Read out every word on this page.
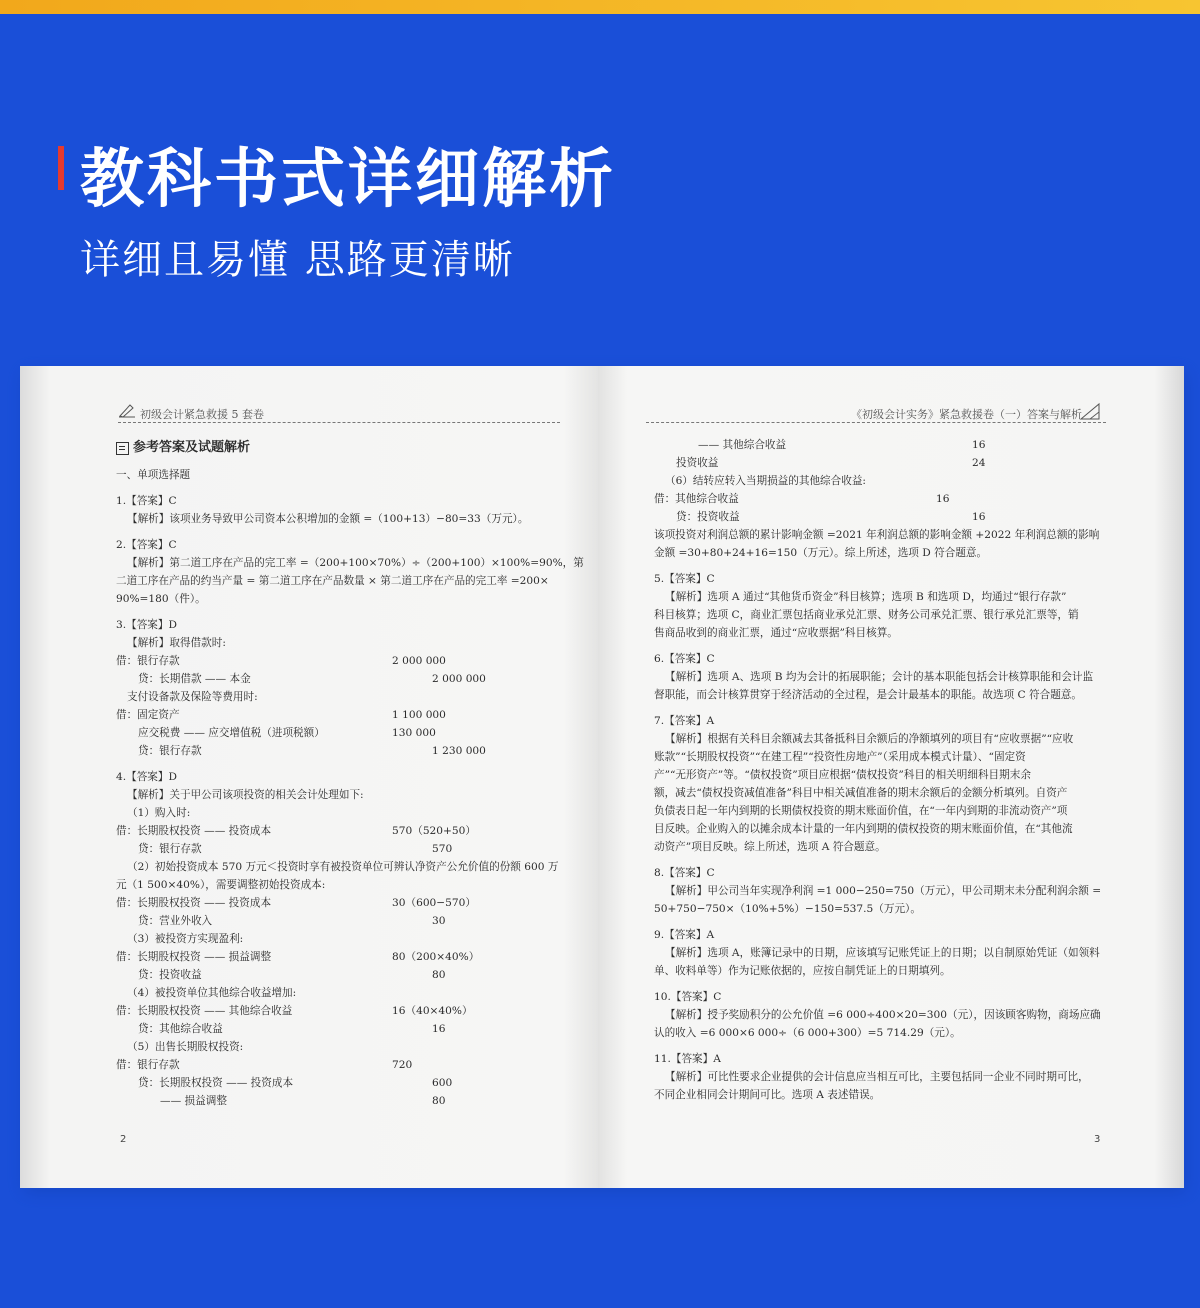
教科书式详细解析
详细且易懂 思路更清晰
初级会计紧急救援 5 套卷
参考答案及试题解析
一、单项选择题
1.【答案】C
【解析】该项业务导致甲公司资本公积增加的金额 =（100+13）−80=33（万元）。
2.【答案】C
【解析】第二道工序在产品的完工率 =（200+100×70%）÷（200+100）×100%=90%，第
二道工序在产品的约当产量 = 第二道工序在产品数量 × 第二道工序在产品的完工率 =200×
90%=180（件）。
3.【答案】D
【解析】取得借款时:
借：银行存款	2 000 000
贷：长期借款 —— 本金	2 000 000
支付设备款及保险等费用时:
借：固定资产	1 100 000
应交税费 —— 应交增值税（进项税额）	130 000
贷：银行存款	1 230 000
4.【答案】D
【解析】关于甲公司该项投资的相关会计处理如下:
（1）购入时:
借：长期股权投资 —— 投资成本	570（520+50）
贷：银行存款	570
（2）初始投资成本 570 万元＜投资时享有被投资单位可辨认净资产公允价值的份额 600 万
元（1 500×40%），需要调整初始投资成本:
借：长期股权投资 —— 投资成本	30（600−570）
贷：营业外收入	30
（3）被投资方实现盈利:
借：长期股权投资 —— 损益调整	80（200×40%）
贷：投资收益	80
（4）被投资单位其他综合收益增加:
借：长期股权投资 —— 其他综合收益	16（40×40%）
贷：其他综合收益	16
（5）出售长期股权投资:
借：银行存款	720
贷：长期股权投资 —— 投资成本	600
—— 损益调整	80
2
《初级会计实务》紧急救援卷（一）答案与解析
—— 其他综合收益	16
投资收益	24
（6）结转应转入当期损益的其他综合收益:
借：其他综合收益	16
贷：投资收益	16
该项投资对利润总额的累计影响金额 =2021 年利润总额的影响金额 +2022 年利润总额的影响
金额 =30+80+24+16=150（万元）。综上所述，选项 D 符合题意。
5.【答案】C
【解析】选项 A 通过“其他货币资金”科目核算；选项 B 和选项 D，均通过“银行存款”
科目核算；选项 C，商业汇票包括商业承兑汇票、财务公司承兑汇票、银行承兑汇票等，销
售商品收到的商业汇票，通过“应收票据”科目核算。
6.【答案】C
【解析】选项 A、选项 B 均为会计的拓展职能；会计的基本职能包括会计核算职能和会计监
督职能，而会计核算贯穿于经济活动的全过程，是会计最基本的职能。故选项 C 符合题意。
7.【答案】A
【解析】根据有关科目余额减去其备抵科目余额后的净额填列的项目有“应收票据”“应收
账款”“长期股权投资”“在建工程”“投资性房地产”（采用成本模式计量）、“固定资
产”“无形资产”等。“债权投资”项目应根据“债权投资”科目的相关明细科目期末余
额，减去“债权投资减值准备”科目中相关减值准备的期末余额后的金额分析填列。自资产
负债表日起一年内到期的长期债权投资的期末账面价值，在“一年内到期的非流动资产”项
目反映。企业购入的以摊余成本计量的一年内到期的债权投资的期末账面价值，在“其他流
动资产”项目反映。综上所述，选项 A 符合题意。
8.【答案】C
【解析】甲公司当年实现净利润 =1 000−250=750（万元），甲公司期末未分配利润余额 =
50+750−750×（10%+5%）−150=537.5（万元）。
9.【答案】A
【解析】选项 A，账簿记录中的日期，应该填写记账凭证上的日期；以自制原始凭证（如领料
单、收料单等）作为记账依据的，应按自制凭证上的日期填列。
10.【答案】C
【解析】授予奖励积分的公允价值 =6 000÷400×20=300（元），因该顾客购物，商场应确
认的收入 =6 000×6 000÷（6 000+300）=5 714.29（元）。
11.【答案】A
【解析】可比性要求企业提供的会计信息应当相互可比，主要包括同一企业不同时期可比，
不同企业相同会计期间可比。选项 A 表述错误。
3
